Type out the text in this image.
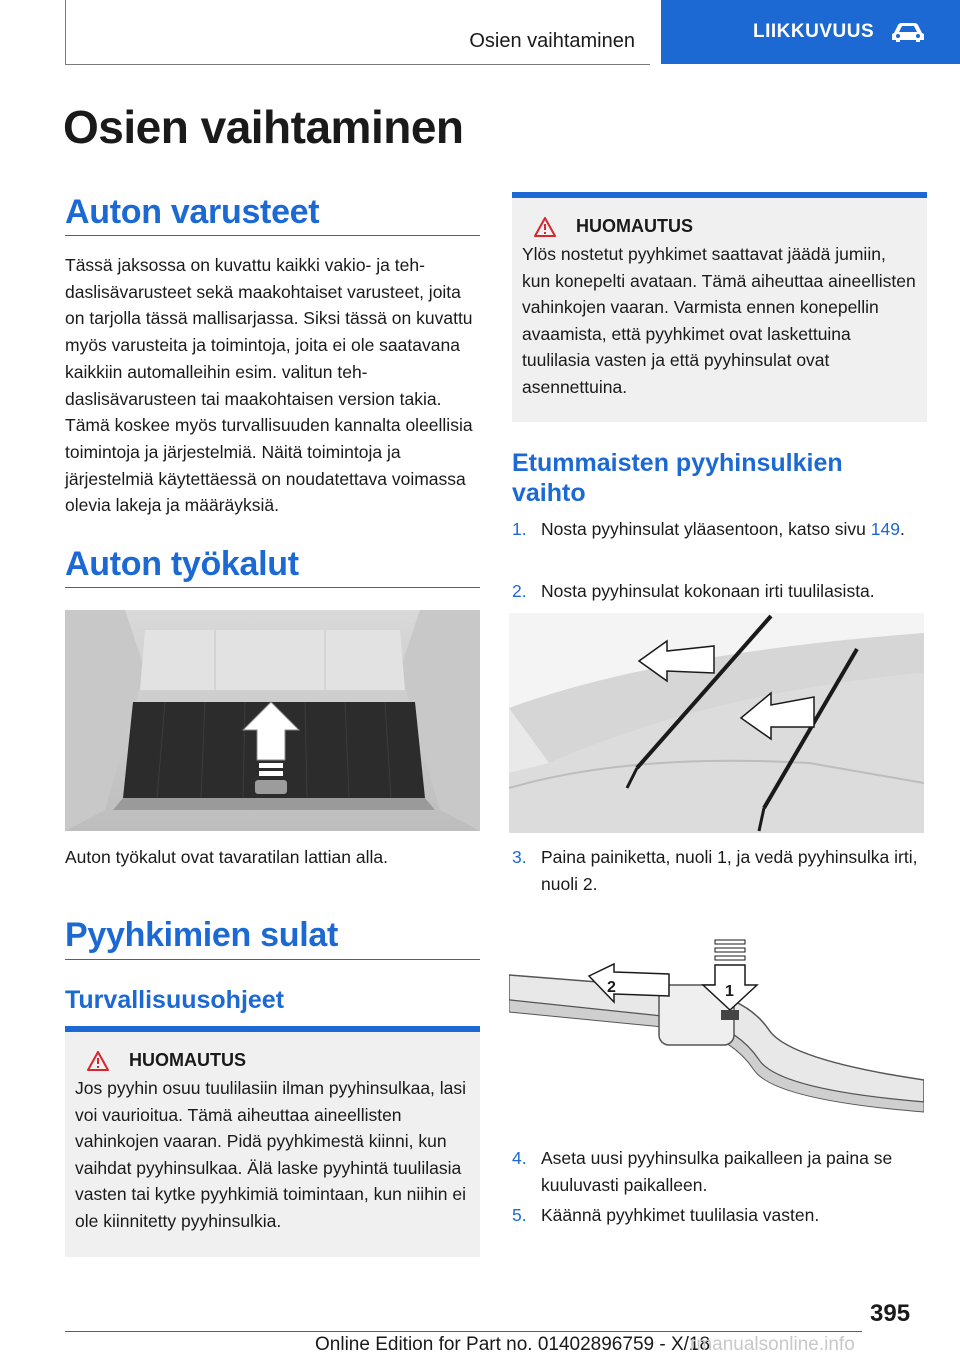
Osien vaihtaminen	LIIKKUVUUS
Osien vaihtaminen
Auton varusteet

Tässä jaksossa on kuvattu kaikki vakio- ja tehdaslisävarusteet sekä maakohtaiset varusteet, joita on tarjolla tässä mallisarjassa. Siksi tässä on kuvattu myös varusteita ja toimintoja, joita ei ole saatavana kaikkiin automalleihin esim. valitun tehdaslisävarusteen tai maakohtaisen version takia. Tämä koskee myös turvallisuuden kannalta oleellisia toimintoja ja järjestelmiä. Näitä toimintoja ja järjestelmiä käytettäessä on noudatettava voimassa olevia lakeja ja määräyksiä.

Auton työkalut

Auton työkalut ovat tavaratilan lattian alla.

Pyyhkimien sulat
Turvallisuusohjeet
HUOMAUTUS

Jos pyyhin osuu tuulilasiin ilman pyyhinsulkaa, lasi voi vaurioitua. Tämä aiheuttaa aineellisten vahinkojen vaaran. Pidä pyyhkimestä kiinni, kun vaihdat pyyhinsulkaa. Älä laske pyyhintä tuulilasia vasten tai kytke pyyhkimiä toimintaan, kun niihin ei ole kiinnitetty pyyhinsulkia.

HUOMAUTUS

Ylös nostetut pyyhkimet saattavat jäädä jumiin, kun konepelti avataan. Tämä aiheuttaa aineellisten vahinkojen vaaran. Varmista ennen konepellin avaamista, että pyyhkimet ovat laskettuina tuulilasia vasten ja että pyyhinsulat ovat asennettuina.

Etummaisten pyyhinsulkien vaihto
1. Nosta pyyhinsulat yläasentoon, katso sivu 149.
2. Nosta pyyhinsulat kokonaan irti tuulilasista.
3. Paina painiketta, nuoli 1, ja vedä pyyhinsulka irti, nuoli 2.
2	1
4. Aseta uusi pyyhinsulka paikalleen ja paina se kuuluvasti paikalleen.
5. Käännä pyyhkimet tuulilasia vasten.
395
Online Edition for Part no. 01402896759 - X/18
rmanualsonline.info
